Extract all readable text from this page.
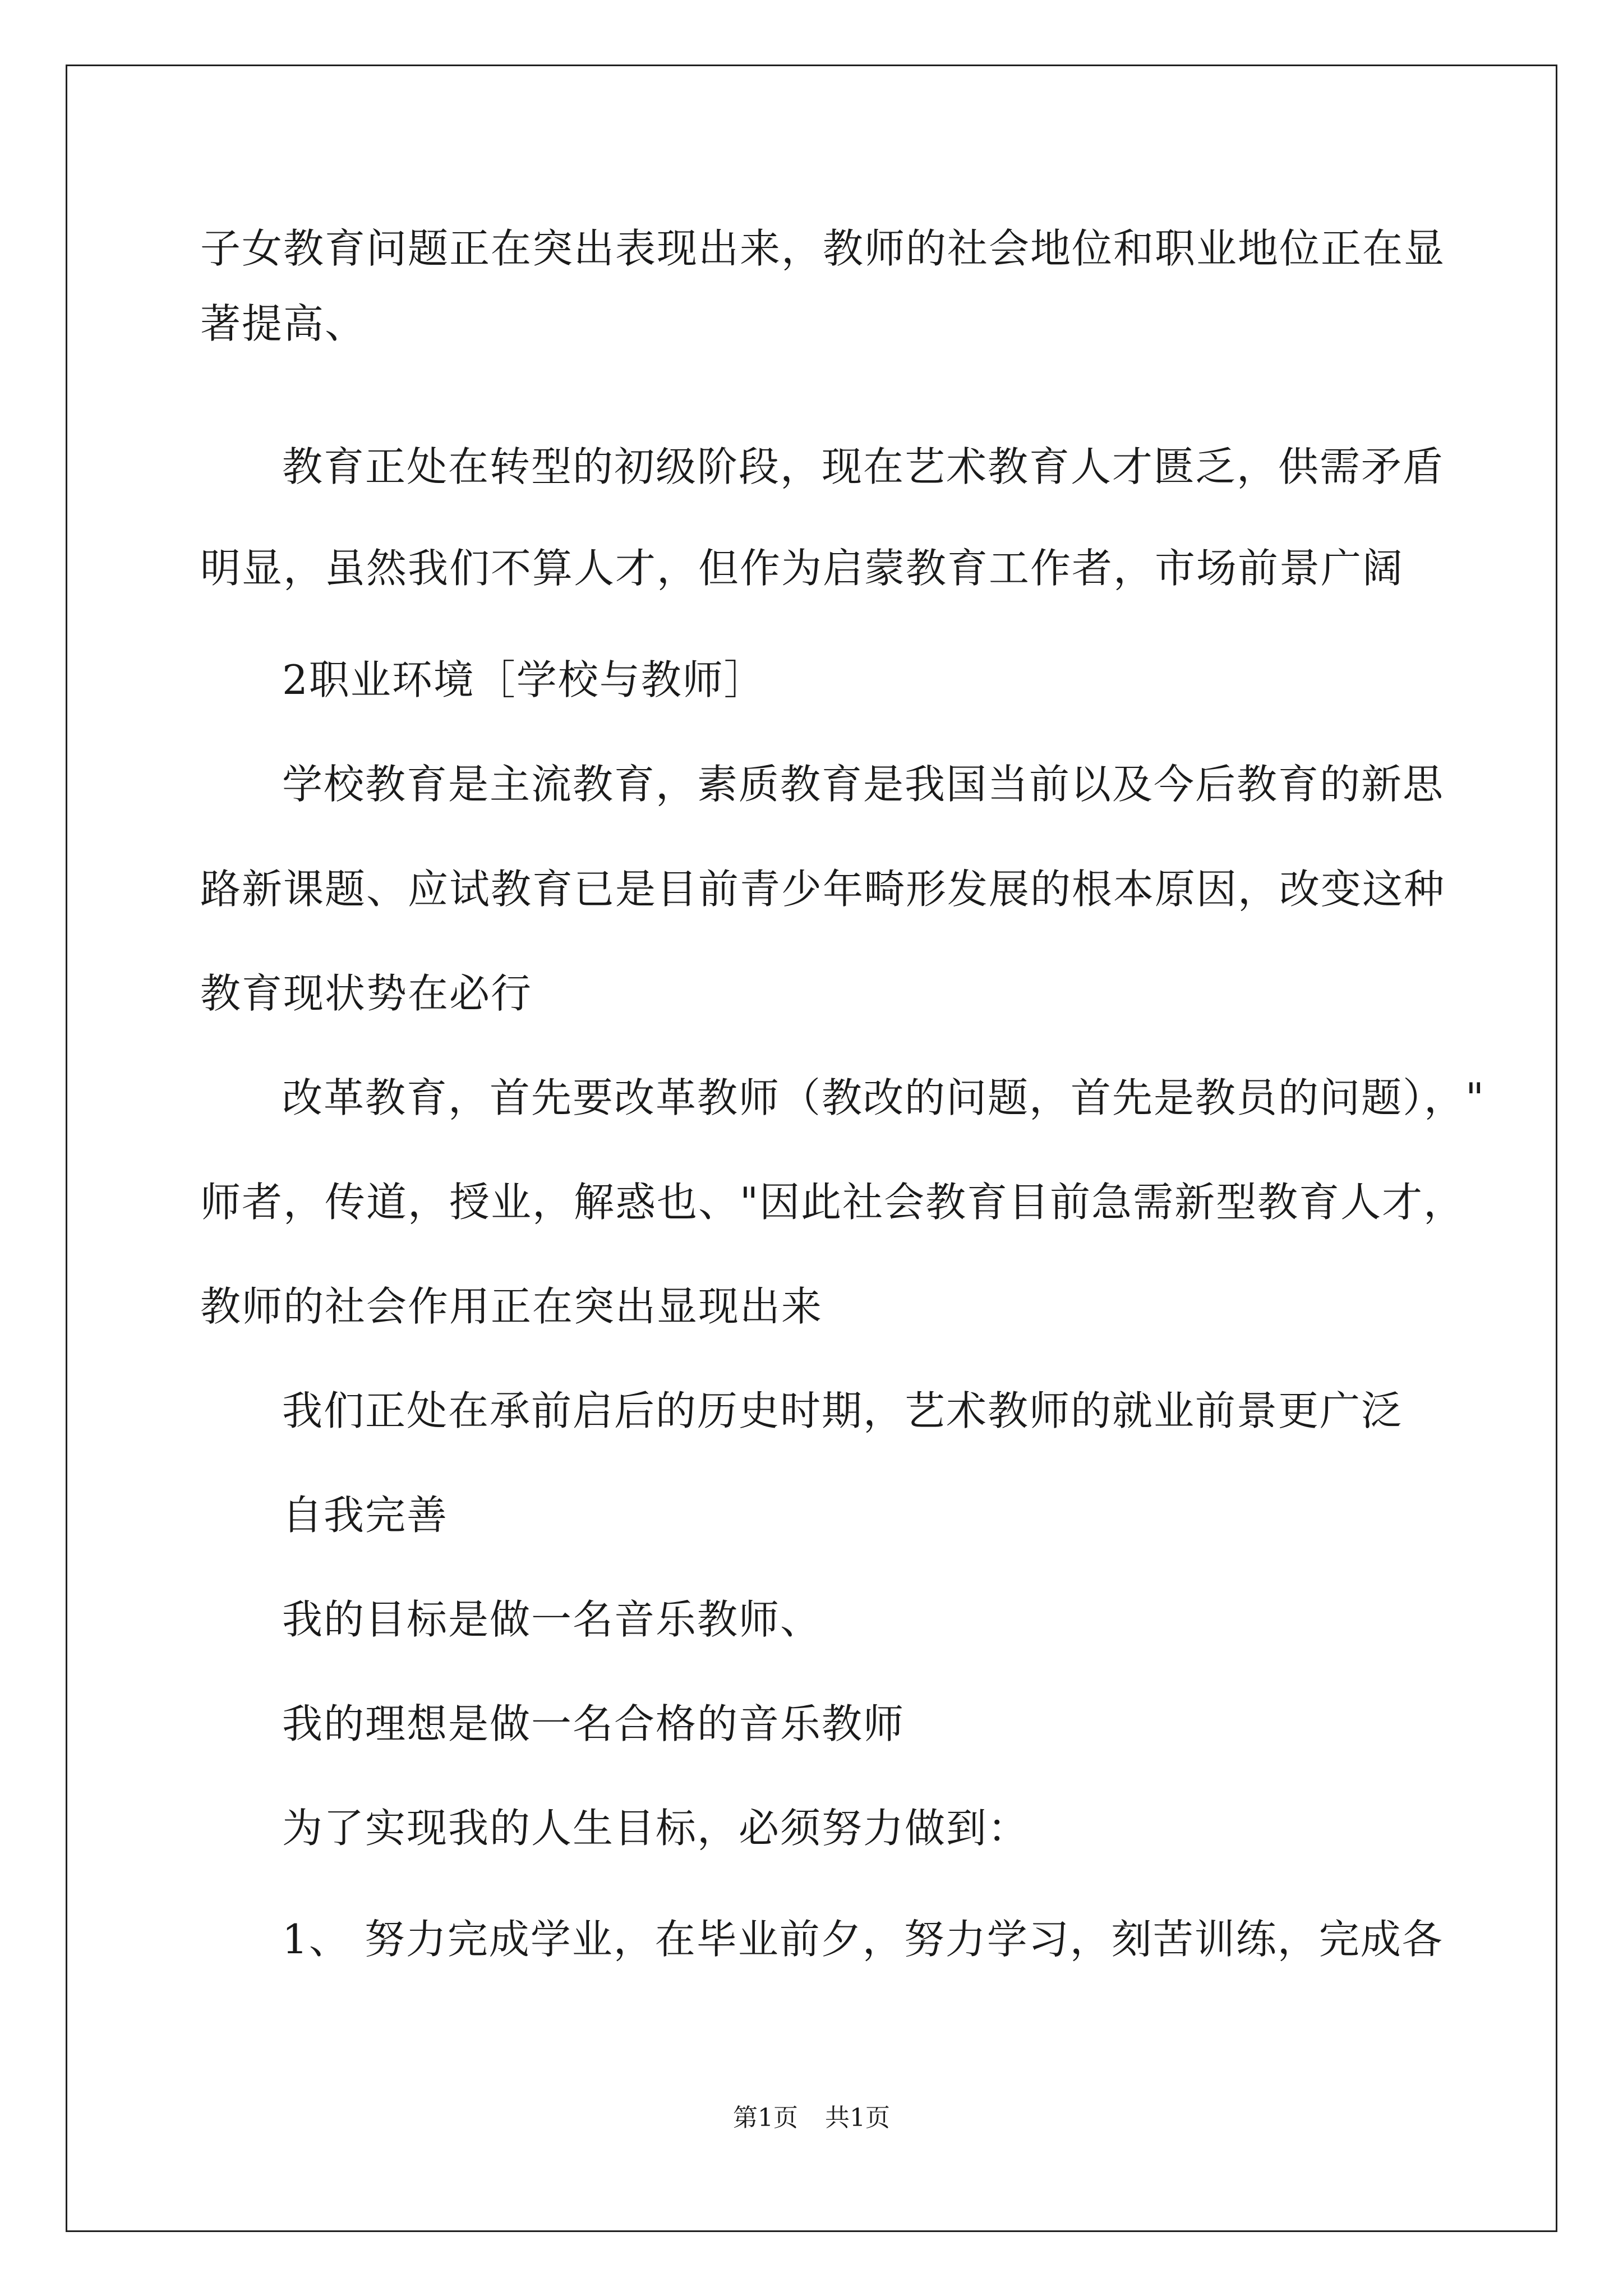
子女教育问题正在突出表现出来，教师的社会地位和职业地位正在显
著提高、
教育正处在转型的初级阶段，现在艺术教育人才匮乏，供需矛盾
明显，虽然我们不算人才，但作为启蒙教育工作者，市场前景广阔
2职业环境［学校与教师］
学校教育是主流教育，素质教育是我国当前以及今后教育的新思
路新课题、应试教育已是目前青少年畸形发展的根本原因，改变这种
教育现状势在必行
改革教育，首先要改革教师（教改的问题，首先是教员的问题），"
师者，传道，授业，解惑也、"因此社会教育目前急需新型教育人才，
教师的社会作用正在突出显现出来
我们正处在承前启后的历史时期，艺术教师的就业前景更广泛
自我完善
我的目标是做一名音乐教师、
我的理想是做一名合格的音乐教师
为了实现我的人生目标，必须努力做到：
1、 努力完成学业，在毕业前夕，努力学习，刻苦训练，完成各
第1页 共1页
